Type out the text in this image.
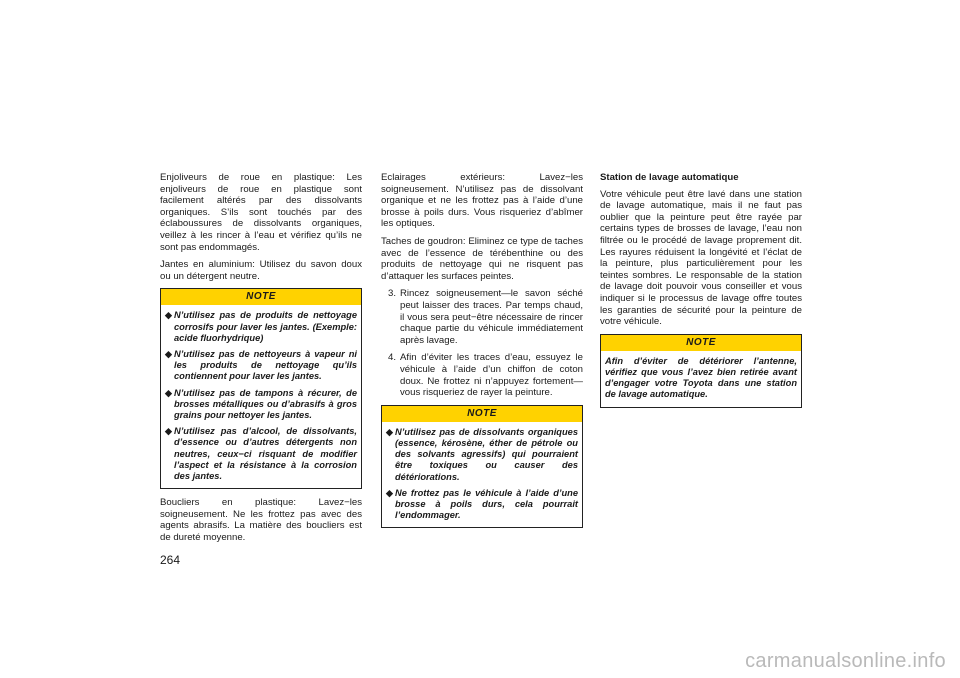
Enjoliveurs de roue en plastique: Les enjoliveurs de roue en plastique sont facilement altérés par des dissolvants organiques. S’ils sont touchés par des éclaboussures de dissolvants organiques, veillez à les rincer à l’eau et vérifiez qu’ils ne sont pas endommagés.

Jantes en aluminium: Utilisez du savon doux ou un détergent neutre.

NOTE
◆ N’utilisez pas de produits de nettoyage corrosifs pour laver les jantes. (Exemple: acide fluorhydrique)
◆ N’utilisez pas de nettoyeurs à vapeur ni les produits de nettoyage qu’ils contiennent pour laver les jantes.
◆ N’utilisez pas de tampons à récurer, de brosses métalliques ou d’abrasifs à gros grains pour nettoyer les jantes.
◆ N’utilisez pas d’alcool, de dissolvants, d’essence ou d’autres détergents non neutres, ceux−ci risquant de modifier l’aspect et la résistance à la corrosion des jantes.

Boucliers en plastique: Lavez−les soigneusement. Ne les frottez pas avec des agents abrasifs. La matière des boucliers est de dureté moyenne.

Eclairages extérieurs: Lavez−les soigneusement. N’utilisez pas de dissolvant organique et ne les frottez pas à l’aide d’une brosse à poils durs. Vous risqueriez d’abîmer les optiques.

Taches de goudron: Eliminez ce type de taches avec de l’essence de térébenthine ou des produits de nettoyage qui ne risquent pas d’attaquer les surfaces peintes.

3. Rincez soigneusement—le savon séché peut laisser des traces. Par temps chaud, il vous sera peut−être nécessaire de rincer chaque partie du véhicule immédiatement après lavage.
4. Afin d’éviter les traces d’eau, essuyez le véhicule à l’aide d’un chiffon de coton doux. Ne frottez ni n’appuyez fortement—vous risqueriez de rayer la peinture.
NOTE
◆ N’utilisez pas de dissolvants organiques (essence, kérosène, éther de pétrole ou des solvants agressifs) qui pourraient être toxiques ou causer des détériorations.
◆ Ne frottez pas le véhicule à l’aide d’une brosse à poils durs, cela pourrait l’endommager.

Station de lavage automatique

Votre véhicule peut être lavé dans une station de lavage automatique, mais il ne faut pas oublier que la peinture peut être rayée par certains types de brosses de lavage, l’eau non filtrée ou le procédé de lavage proprement dit. Les rayures réduisent la longévité et l’éclat de la peinture, plus particulièrement pour les teintes sombres. Le responsable de la station de lavage doit pouvoir vous conseiller et vous indiquer si le processus de lavage offre toutes les garanties de sécurité pour la peinture de votre véhicule.

NOTE
Afin d’éviter de détériorer l’antenne, vérifiez que vous l’avez bien retirée avant d’engager votre Toyota dans une station de lavage automatique.
264
carmanualsonline.info
